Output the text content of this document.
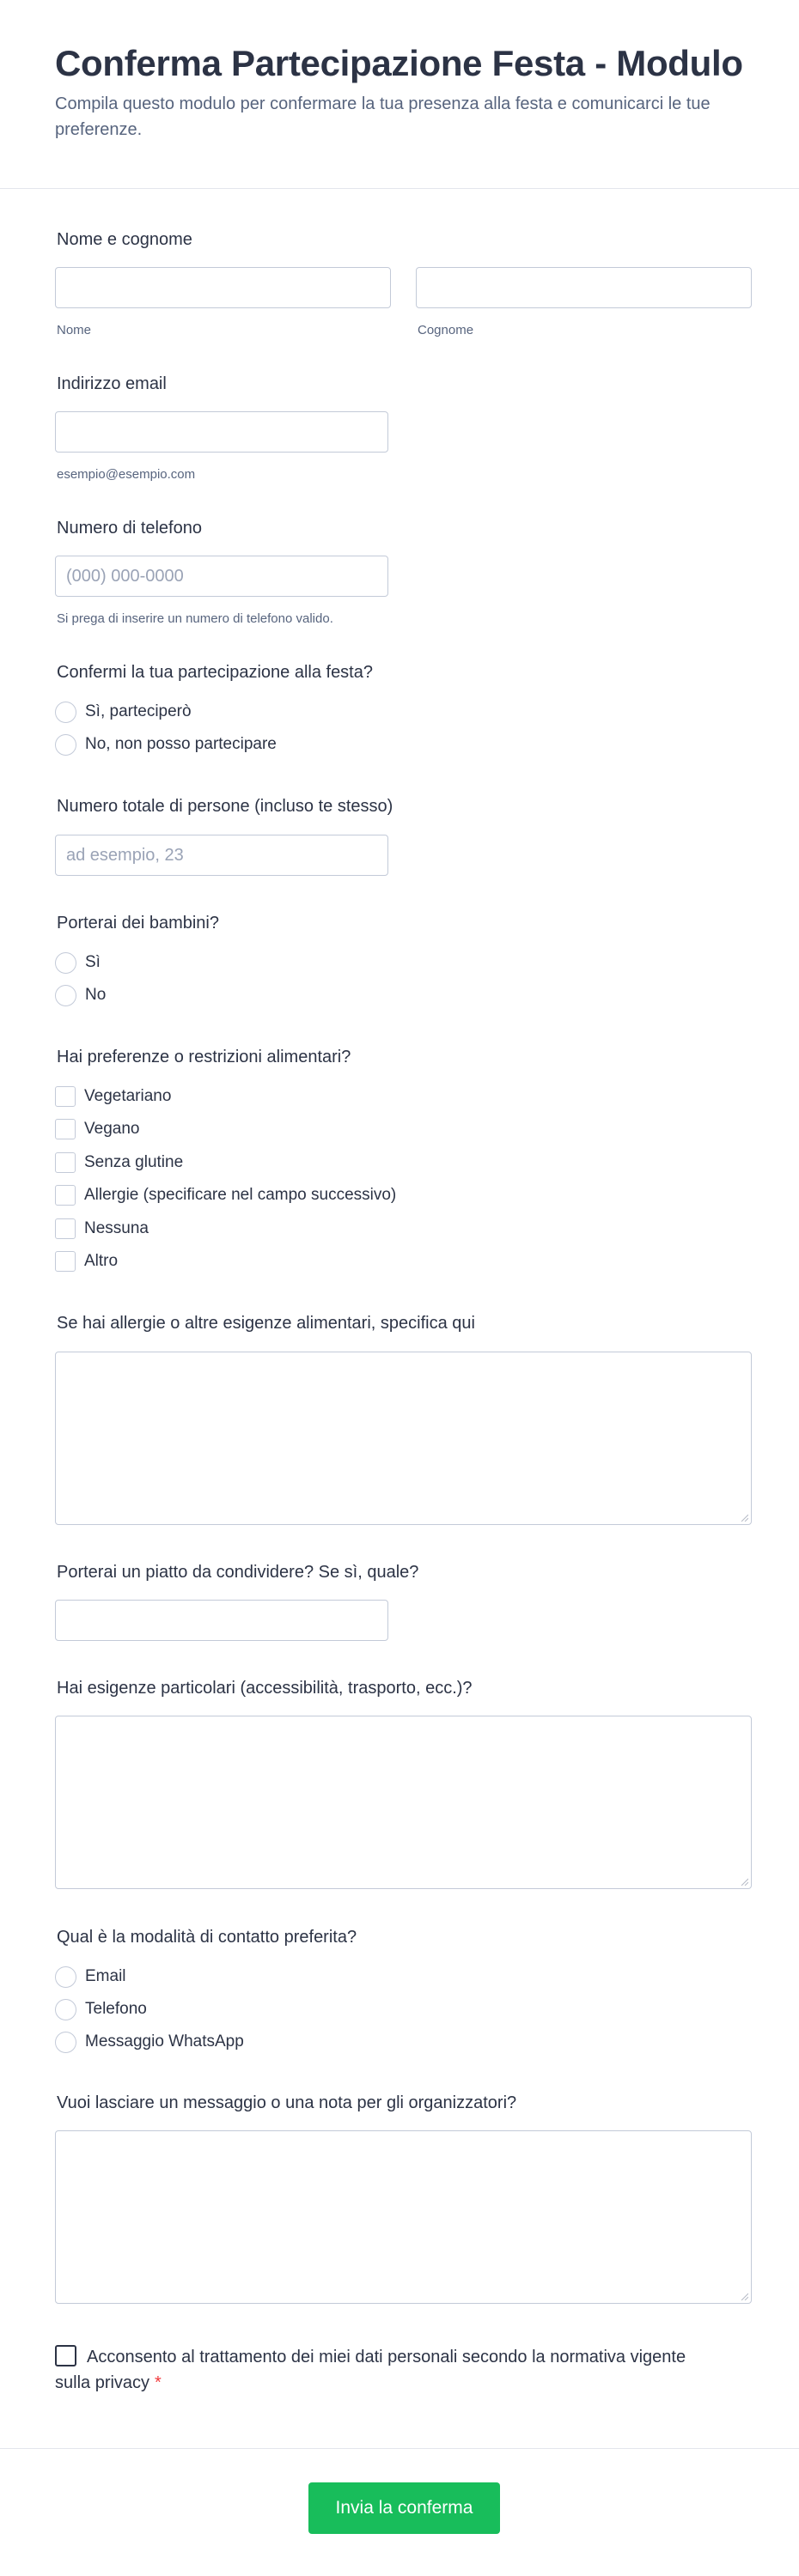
Conferma Partecipazione Festa - Modulo

Compila questo modulo per confermare la tua presenza alla festa e comunicarci le tue preferenze.

Nome e cognome
Nome	Cognome
Indirizzo email
esempio@esempio.com
Numero di telefono
(000) 000-0000
Si prega di inserire un numero di telefono valido.
Confermi la tua partecipazione alla festa?
Sì, parteciperò
No, non posso partecipare
Numero totale di persone (incluso te stesso)
ad esempio, 23
Porterai dei bambini?
Sì
No
Hai preferenze o restrizioni alimentari?
Vegetariano
Vegano
Senza glutine
Allergie (specificare nel campo successivo)
Nessuna
Altro
Se hai allergie o altre esigenze alimentari, specifica qui
Porterai un piatto da condividere? Se sì, quale?
Hai esigenze particolari (accessibilità, trasporto, ecc.)?
Qual è la modalità di contatto preferita?
Email
Telefono
Messaggio WhatsApp
Vuoi lasciare un messaggio o una nota per gli organizzatori?
Acconsento al trattamento dei miei dati personali secondo la normativa vigente sulla privacy *
Invia la conferma
